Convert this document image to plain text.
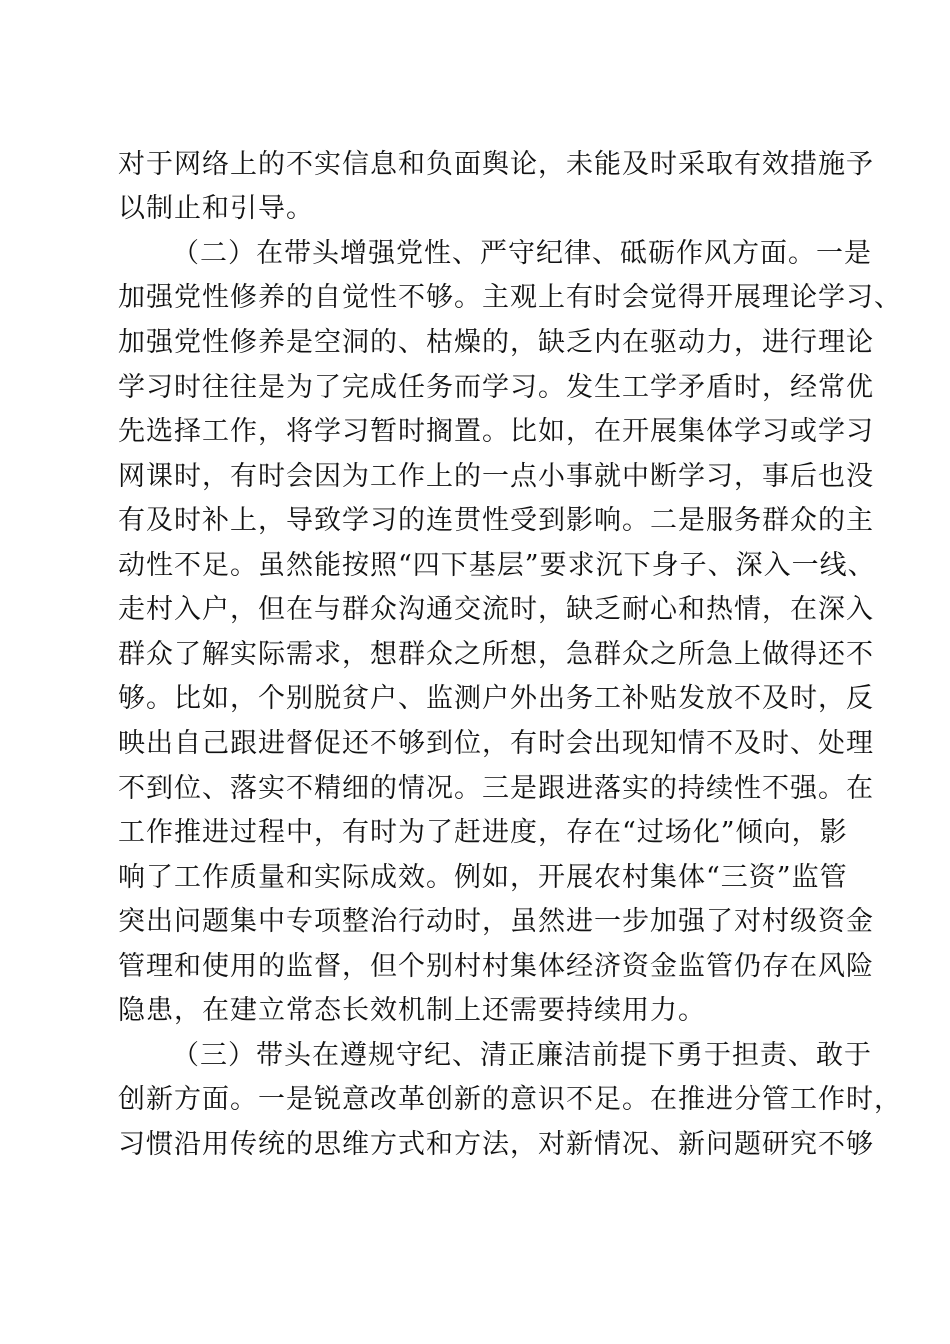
对于网络上的不实信息和负面舆论，未能及时采取有效措施予
以制止和引导。
（二）在带头增强党性、严守纪律、砥砺作风方面。一是
加强党性修养的自觉性不够。主观上有时会觉得开展理论学习、
加强党性修养是空洞的、枯燥的，缺乏内在驱动力，进行理论
学习时往往是为了完成任务而学习。发生工学矛盾时，经常优
先选择工作，将学习暂时搁置。比如，在开展集体学习或学习
网课时，有时会因为工作上的一点小事就中断学习，事后也没
有及时补上，导致学习的连贯性受到影响。二是服务群众的主
动性不足。虽然能按照“四下基层”要求沉下身子、深入一线、
走村入户，但在与群众沟通交流时，缺乏耐心和热情，在深入
群众了解实际需求，想群众之所想，急群众之所急上做得还不
够。比如，个别脱贫户、监测户外出务工补贴发放不及时，反
映出自己跟进督促还不够到位，有时会出现知情不及时、处理
不到位、落实不精细的情况。三是跟进落实的持续性不强。在
工作推进过程中，有时为了赶进度，存在“过场化”倾向，影
响了工作质量和实际成效。例如，开展农村集体“三资”监管
突出问题集中专项整治行动时，虽然进一步加强了对村级资金
管理和使用的监督，但个别村村集体经济资金监管仍存在风险
隐患，在建立常态长效机制上还需要持续用力。
（三）带头在遵规守纪、清正廉洁前提下勇于担责、敢于
创新方面。一是锐意改革创新的意识不足。在推进分管工作时，
习惯沿用传统的思维方式和方法，对新情况、新问题研究不够
